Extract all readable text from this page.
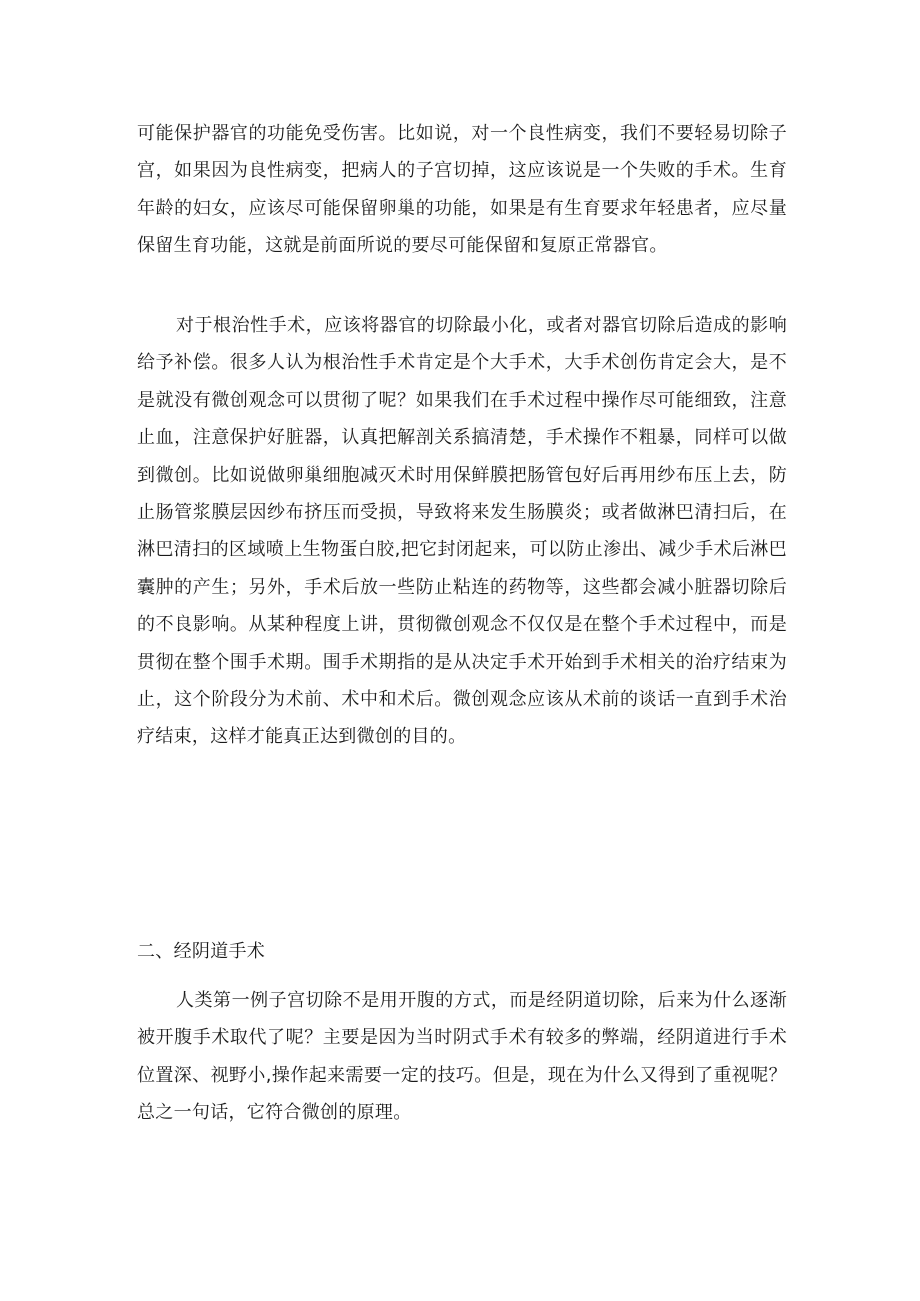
可能保护器官的功能免受伤害。比如说，对一个良性病变，我们不要轻易切除子宫，如果因为良性病变，把病人的子宫切掉，这应该说是一个失败的手术。生育年龄的妇女，应该尽可能保留卵巢的功能，如果是有生育要求年轻患者，应尽量保留生育功能，这就是前面所说的要尽可能保留和复原正常器官。

对于根治性手术，应该将器官的切除最小化，或者对器官切除后造成的影响给予补偿。很多人认为根治性手术肯定是个大手术，大手术创伤肯定会大，是不是就没有微创观念可以贯彻了呢？如果我们在手术过程中操作尽可能细致，注意止血，注意保护好脏器，认真把解剖关系搞清楚，手术操作不粗暴，同样可以做到微创。比如说做卵巢细胞减灭术时用保鲜膜把肠管包好后再用纱布压上去，防止肠管浆膜层因纱布挤压而受损，导致将来发生肠膜炎；或者做淋巴清扫后，在淋巴清扫的区域喷上生物蛋白胶,把它封闭起来，可以防止渗出、减少手术后淋巴囊肿的产生；另外，手术后放一些防止粘连的药物等，这些都会减小脏器切除后的不良影响。从某种程度上讲，贯彻微创观念不仅仅是在整个手术过程中，而是贯彻在整个围手术期。围手术期指的是从决定手术开始到手术相关的治疗结束为止，这个阶段分为术前、术中和术后。微创观念应该从术前的谈话一直到手术治疗结束，这样才能真正达到微创的目的。

二、经阴道手术

人类第一例子宫切除不是用开腹的方式，而是经阴道切除，后来为什么逐渐被开腹手术取代了呢？主要是因为当时阴式手术有较多的弊端，经阴道进行手术位置深、视野小,操作起来需要一定的技巧。但是，现在为什么又得到了重视呢？总之一句话，它符合微创的原理。
